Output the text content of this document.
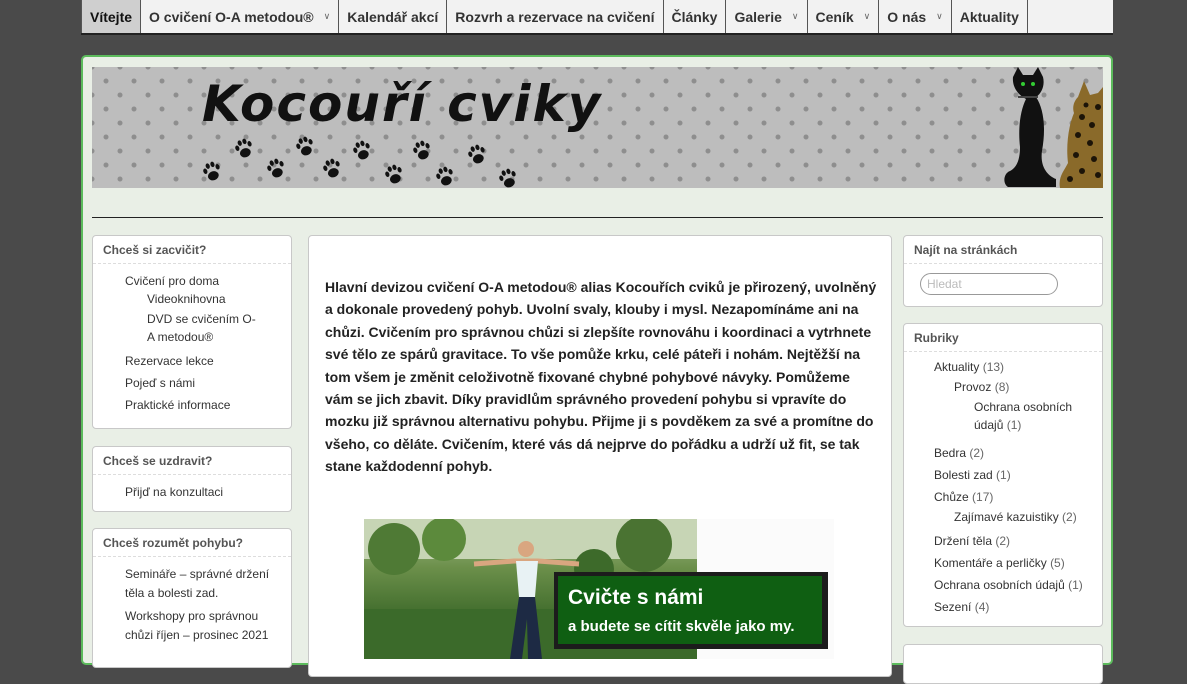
Vítejte O cvičení O-A metodou® ∨ Kalendář akcí Rozvrh a rezervace na cvičení Články Galerie ∨ Ceník ∨ O nás ∨ Aktuality
Kocouří cviky
Chceš si zacvičit?
Cvičení pro doma
Videoknihovna
DVD se cvičením O-A metodou®
Rezervace lekce
Pojeď s námi
Praktické informace
Chceš se uzdravit?
Přijď na konzultaci
Chceš rozumět pohybu?
Semináře – správné držení těla a bolesti zad.
Workshopy pro správnou chůzi říjen – prosinec 2021
Hlavní devizou cvičení O-A metodou® alias Kocouřích cviků je přirozený, uvolněný a dokonale provedený pohyb. Uvolní svaly, klouby i mysl. Nezapomínáme ani na chůzi. Cvičením pro správnou chůzi si zlepšíte rovnováhu i koordinaci a vytrhnete své tělo ze spárů gravitace. To vše pomůže krku, celé páteři i nohám. Nejtěžší na tom všem je změnit celoživotně fixované chybné pohybové návyky. Pomůžeme vám se jich zbavit. Díky pravidlům správného provedení pohybu si vpravíte do mozku již správnou alternativu pohybu. Přijme ji s povděkem za své a promítne do všeho, co děláte. Cvičením, které vás dá nejprve do pořádku a udrží už fit, se tak stane každodenní pohyb.
Cvičte s námi
a budete se cítit skvěle jako my.
Najít na stránkách
Hledat
Rubriky
Aktuality (13)
Provoz (8)
Ochrana osobních údajů (1)
Bedra (2)
Bolesti zad (1)
Chůze (17)
Zajímavé kazuistiky (2)
Držení těla (2)
Komentáře a perličky (5)
Ochrana osobních údajů (1)
Sezení (4)
